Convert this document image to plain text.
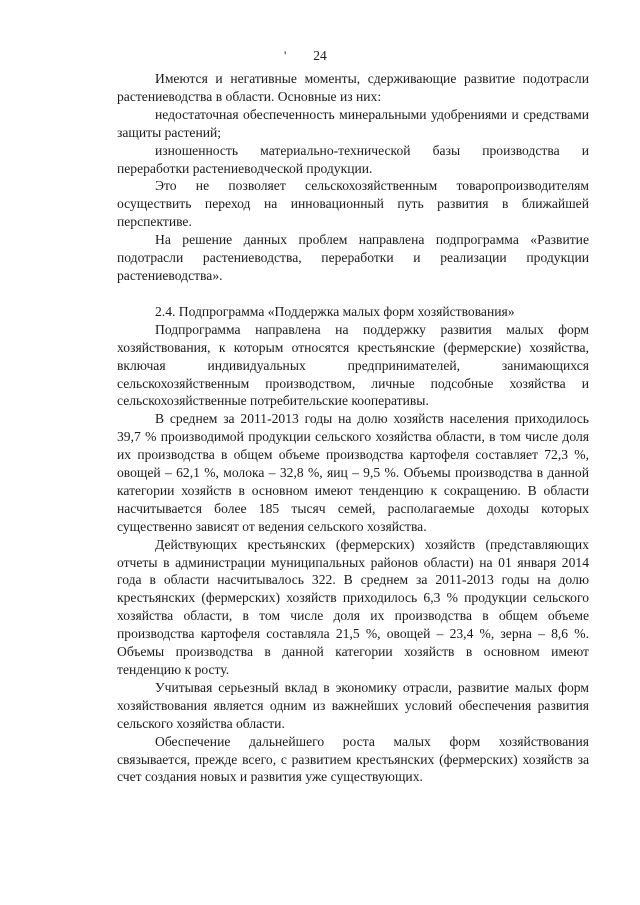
'	24

Имеются и негативные моменты, сдерживающие развитие подотрасли растениеводства в области. Основные из них:

недостаточная обеспеченность минеральными удобрениями и средствами защиты растений;

изношенность материально-технической базы производства и переработки растениеводческой продукции.

Это не позволяет сельскохозяйственным товаропроизводителям осуществить переход на инновационный путь развития в ближайшей перспективе.

На решение данных проблем направлена подпрограмма «Развитие подотрасли растениеводства, переработки и реализации продукции растениеводства».

2.4. Подпрограмма «Поддержка малых форм хозяйствования»

Подпрограмма направлена на поддержку развития малых форм хозяйствования, к которым относятся крестьянские (фермерские) хозяйства, включая индивидуальных предпринимателей, занимающихся сельскохозяйственным производством, личные подсобные хозяйства и сельскохозяйственные потребительские кооперативы.

В среднем за 2011-2013 годы на долю хозяйств населения приходилось 39,7 % производимой продукции сельского хозяйства области, в том числе доля их производства в общем объеме производства картофеля составляет 72,3 %, овощей – 62,1 %, молока – 32,8 %, яиц – 9,5 %. Объемы производства в данной категории хозяйств в основном имеют тенденцию к сокращению. В области насчитывается более 185 тысяч семей, располагаемые доходы которых существенно зависят от ведения сельского хозяйства.

Действующих крестьянских (фермерских) хозяйств (представляющих отчеты в администрации муниципальных районов области) на 01 января 2014 года в области насчитывалось 322. В среднем за 2011-2013 годы на долю крестьянских (фермерских) хозяйств приходилось 6,3 % продукции сельского хозяйства области, в том числе доля их производства в общем объеме производства картофеля составляла 21,5 %, овощей – 23,4 %, зерна – 8,6 %. Объемы производства в данной категории хозяйств в основном имеют тенденцию к росту.

Учитывая серьезный вклад в экономику отрасли, развитие малых форм хозяйствования является одним из важнейших условий обеспечения развития сельского хозяйства области.

Обеспечение дальнейшего роста малых форм хозяйствования связывается, прежде всего, с развитием крестьянских (фермерских) хозяйств за счет создания новых и развития уже существующих.
